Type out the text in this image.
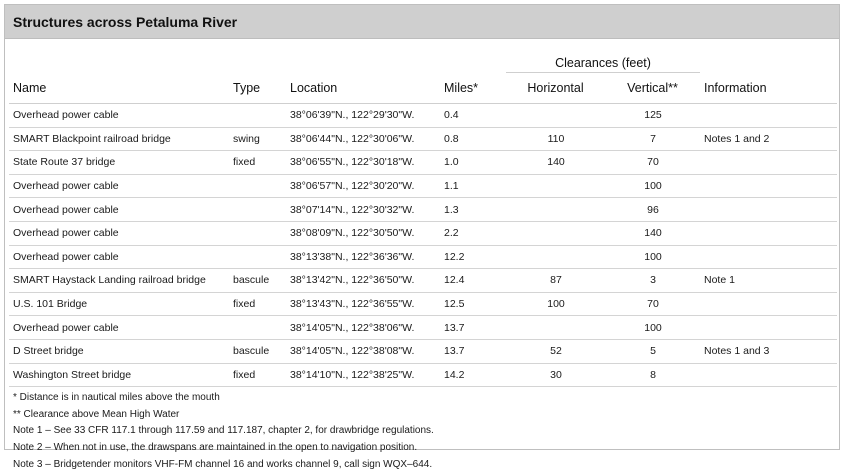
Structures across Petaluma River
				Clearances (feet)		
Name	Type	Location	Miles*	Horizontal	Vertical**	Information
Overhead power cable		38°06'39"N., 122°29'30"W.	0.4		125	
SMART Blackpoint railroad bridge	swing	38°06'44"N., 122°30'06"W.	0.8	110	7	Notes 1 and 2
State Route 37 bridge	fixed	38°06'55"N., 122°30'18"W.	1.0	140	70	
Overhead power cable		38°06'57"N., 122°30'20"W.	1.1		100	
Overhead power cable		38°07'14"N., 122°30'32"W.	1.3		96	
Overhead power cable		38°08'09"N., 122°30'50"W.	2.2		140	
Overhead power cable		38°13'38"N., 122°36'36"W.	12.2		100	
SMART Haystack Landing railroad bridge	bascule	38°13'42"N., 122°36'50"W.	12.4	87	3	Note 1
U.S. 101 Bridge	fixed	38°13'43"N., 122°36'55"W.	12.5	100	70	
Overhead power cable		38°14'05"N., 122°38'06"W.	13.7		100	
D Street bridge	bascule	38°14'05"N., 122°38'08"W.	13.7	52	5	Notes 1 and 3
Washington Street bridge	fixed	38°14'10"N., 122°38'25"W.	14.2	30	8	
* Distance is in nautical miles above the mouth
** Clearance above Mean High Water
Note 1 – See 33 CFR 117.1 through 117.59 and 117.187, chapter 2, for drawbridge regulations.
Note 2 – When not in use, the drawspans are maintained in the open to navigation position.
Note 3 – Bridgetender monitors VHF-FM channel 16 and works channel 9, call sign WQX–644.
